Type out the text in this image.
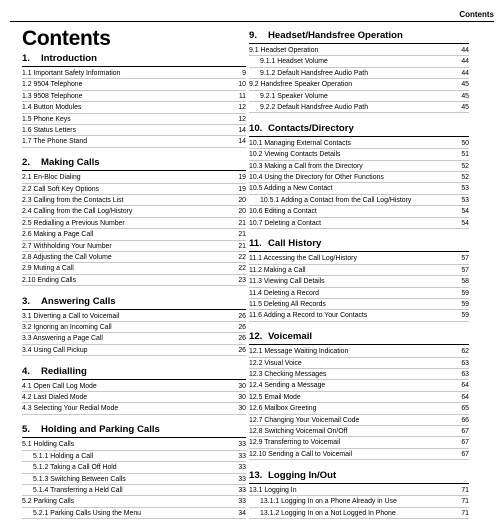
Contents
Contents
1. Introduction
1.1 Important Safety Information	9
1.2 9504 Telephone	10
1.3 9508 Telephone	11
1.4 Button Modules	12
1.5 Phone Keys	12
1.6 Status Letters	14
1.7 The Phone Stand	14
2. Making Calls
2.1 En-Bloc Dialing	19
2.2 Call Soft Key Options	19
2.3 Calling from the Contacts List	20
2.4 Calling from the Call Log/History	20
2.5 Redialling a Previous Number	21
2.6 Making a Page Call	21
2.7 Withholding Your Number	21
2.8 Adjusting the Call Volume	22
2.9 Muting a Call	22
2.10 Ending Calls	23
3. Answering Calls
3.1 Diverting a Call to Voicemail	26
3.2 Ignoring an Incoming Call	26
3.3 Answering a Page Call	26
3.4 Using Call Pickup	26
4. Redialling
4.1 Open Call Log Mode	30
4.2 Last Dialed Mode	30
4.3 Selecting Your Redial Mode	30
5. Holding and Parking Calls
5.1 Holding Calls	33
5.1.1 Holding a Call	33
5.1.2 Taking a Call Off Hold	33
5.1.3 Switching Between Calls	33
5.1.4 Transferring a Held Call	33
5.2 Parking Calls	33
5.2.1 Parking Calls Using the Menu	34
9. Headset/Handsfree Operation
9.1 Headset Operation	44
9.1.1 Headset Volume	44
9.1.2 Default Handsfree Audio Path	44
9.2 Handsfree Speaker Operation	45
9.2.1 Speaker Volume	45
9.2.2 Default Handsfree Audio Path	45
10. Contacts/Directory
10.1 Managing External Contacts	50
10.2 Viewing Contacts Details	51
10.3 Making a Call from the Directory	52
10.4 Using the Directory for Other Functions	52
10.5 Adding a New Contact	53
10.5.1 Adding a Contact from the Call Log/History	53
10.6 Editing a Contact	54
10.7 Deleting a Contact	54
11. Call History
11.1 Accessing the Call Log/History	57
11.2 Making a Call	57
11.3 Viewing Call Details	58
11.4 Deleting a Record	59
11.5 Deleting All Records	59
11.6 Adding a Record to Your Contacts	59
12. Voicemail
12.1 Message Waiting Indication	62
12.2 Visual Voice	63
12.3 Checking Messages	63
12.4 Sending a Message	64
12.5 Email Mode	64
12.6 Mailbox Greeting	65
12.7 Changing Your Voicemail Code	66
12.8 Switching Voicemail On/Off	67
12.9 Transferring to Voicemail	67
12.10 Sending a Call to Voicemail	67
13. Logging In/Out
13.1 Logging In	71
13.1.1 Logging In on a Phone Already in Use	71
13.1.2 Logging In on a Not Logged In Phone	71
